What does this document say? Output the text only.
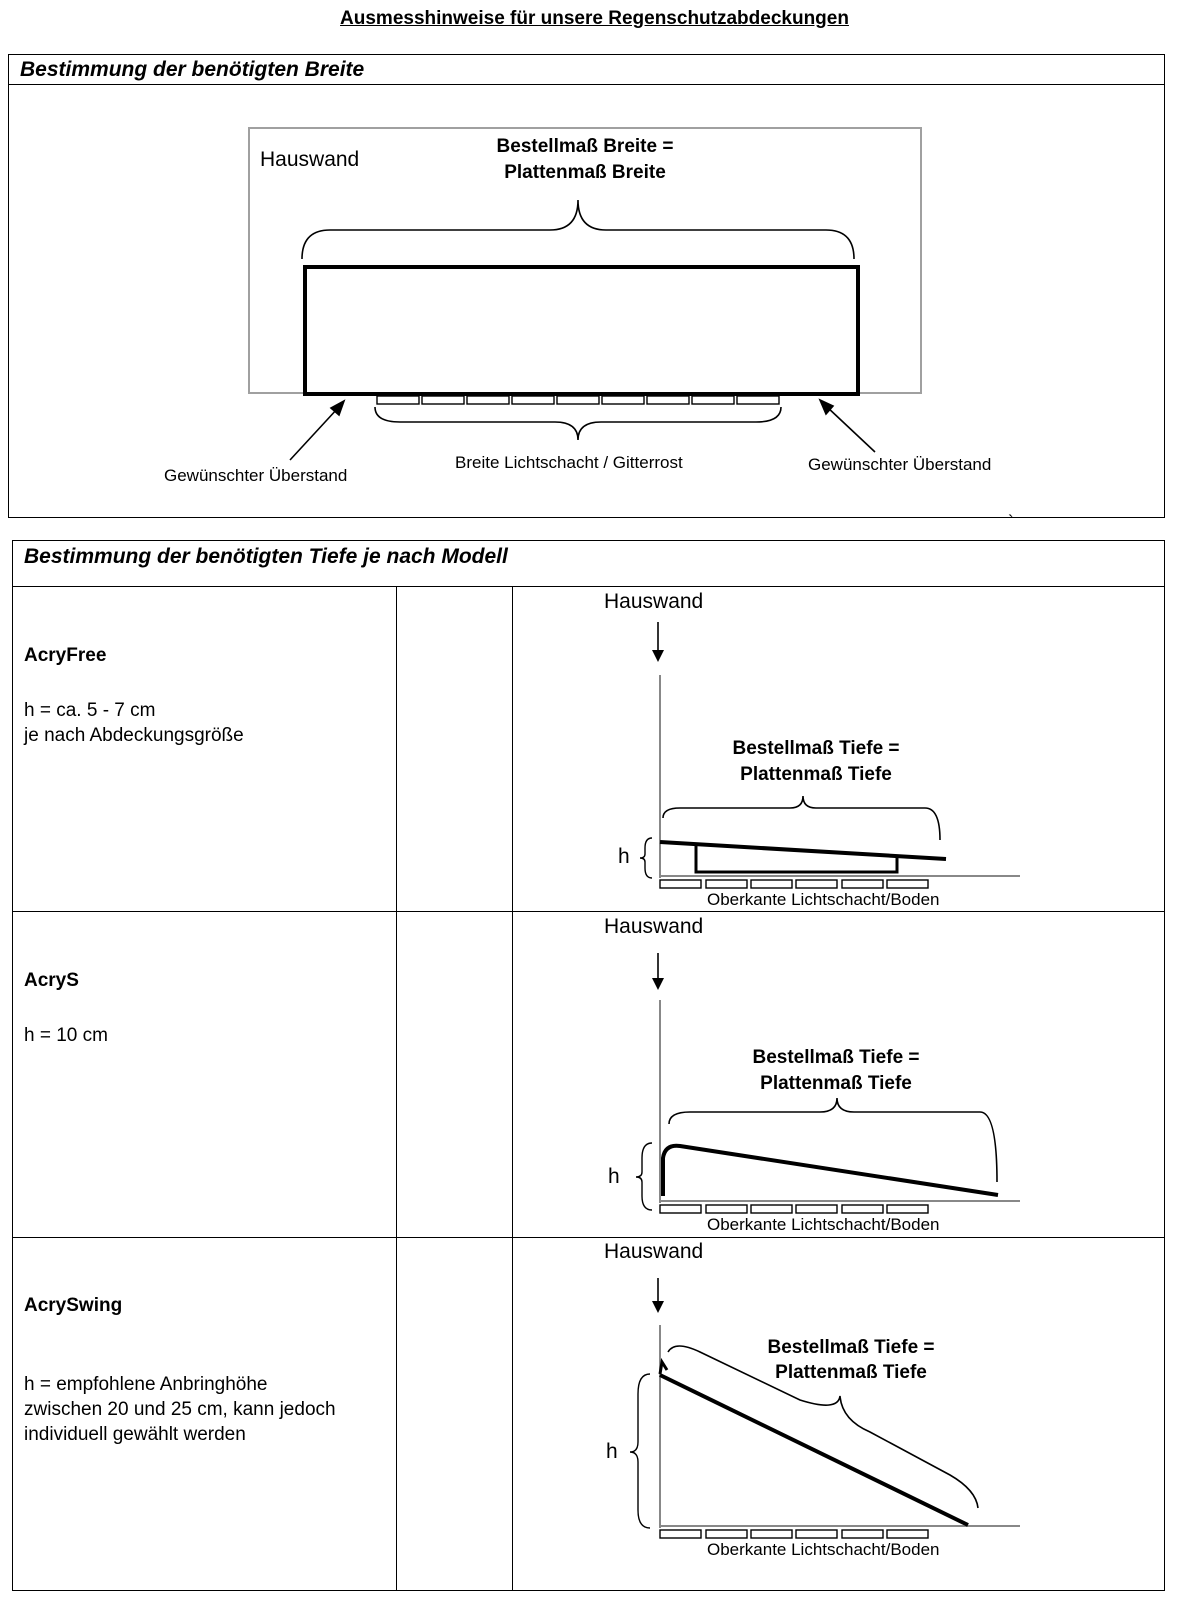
Ausmesshinweise für unsere Regenschutzabdeckungen
Bestimmung der benötigten Breite
Hauswand
Bestellmaß Breite =
Plattenmaß Breite
Gewünschter Überstand
Breite Lichtschacht / Gitterrost	Gewünschter Überstand
`
Bestimmung der benötigten Tiefe je nach Modell
AcryFree
h = ca. 5 - 7 cm
je nach Abdeckungsgröße
Hauswand
Bestellmaß Tiefe =
Plattenmaß Tiefe
h
Oberkante Lichtschacht/Boden
AcryS
h = 10 cm
Hauswand
Bestellmaß Tiefe =
Plattenmaß Tiefe
h
Oberkante Lichtschacht/Boden
AcrySwing
h = empfohlene Anbringhöhe
zwischen 20 und 25 cm, kann jedoch
individuell gewählt werden
Hauswand
Bestellmaß Tiefe =
Plattenmaß Tiefe
h
Oberkante Lichtschacht/Boden
